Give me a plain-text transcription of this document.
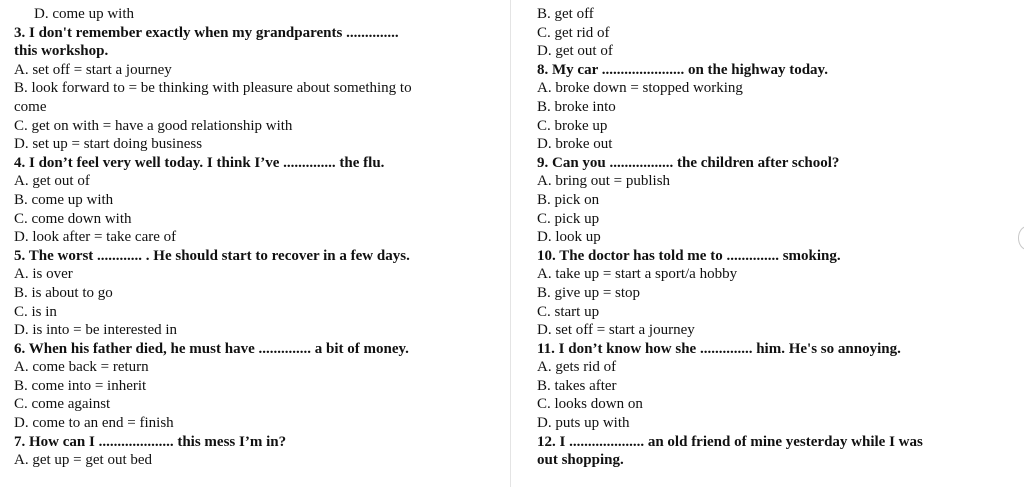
D. come up with
3. I don't remember exactly when my grandparents ..............
this workshop.
A. set off = start a journey
B. look forward to = be thinking with pleasure about something to
come
C. get on with = have a good relationship with
D. set up = start doing business
4. I don’t feel very well today. I think I’ve .............. the flu.
A. get out of
B. come up with
C. come down with
D. look after = take care of
5. The worst ............ . He should start to recover in a few days.
A. is over
B. is about to go
C. is in
D. is into = be interested in
6. When his father died, he must have .............. a bit of money.
A. come back = return
B. come into = inherit
C. come against
D. come to an end = finish
7. How can I .................... this mess I’m in?
A. get up = get out bed
B. get off
C. get rid of
D. get out of
8. My car ...................... on the highway today.
A. broke down = stopped working
B. broke into
C. broke up
D. broke out
9. Can you ................. the children after school?
A. bring out = publish
B. pick on
C. pick up
D. look up
10. The doctor has told me to .............. smoking.
A. take up = start a sport/a hobby
B. give up = stop
C. start up
D. set off = start a journey
11. I don’t know how she .............. him. He's so annoying.
A. gets rid of
B. takes after
C. looks down on
D. puts up with
12. I .................... an old friend of mine yesterday while I was
out shopping.
